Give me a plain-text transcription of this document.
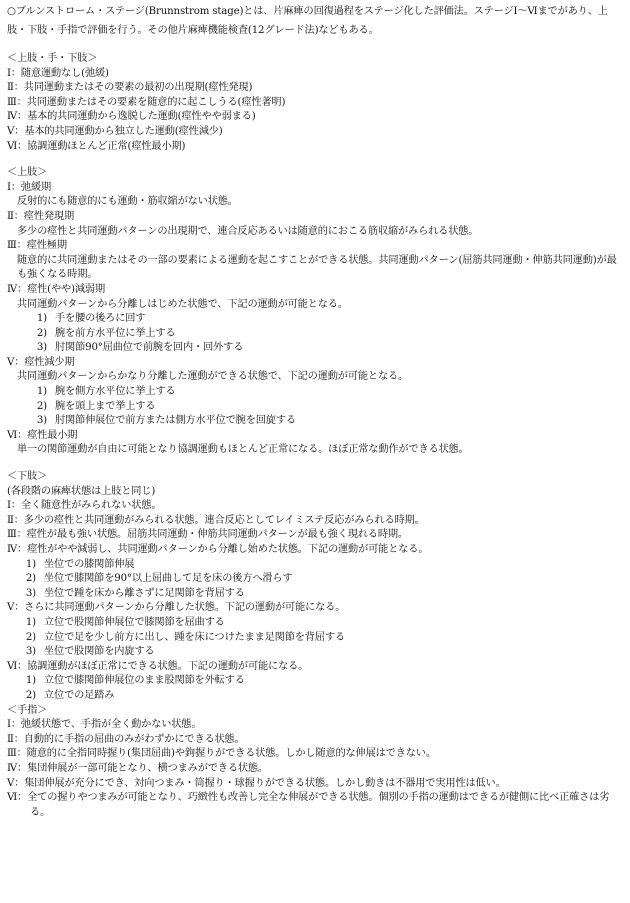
○ブルンストローム・ステージ(Brunnstrom stage)とは、片麻痺の回復過程をステージ化した評価法。ステージⅠ〜Ⅵまでがあり、上肢・下肢・手指で評価を行う。その他片麻痺機能検査(12グレード法)などもある。

＜上肢・手・下肢＞
Ⅰ：随意運動なし(弛緩)
Ⅱ：共同運動またはその要素の最初の出現期(痙性発現)
Ⅲ：共同運動またはその要素を随意的に起こしうる(痙性著明)
Ⅳ：基本的共同運動から逸脱した運動(痙性やや弱まる)
Ⅴ：基本的共同運動から独立した運動(痙性減少)
Ⅵ：協調運動ほとんど正常(痙性最小期)
＜上肢＞
Ⅰ：弛緩期
反射的にも随意的にも運動・筋収縮がない状態。
Ⅱ：痙性発現期
多少の痙性と共同運動パターンの出現期で、連合反応あるいは随意的におこる筋収縮がみられる状態。
Ⅲ：痙性極期
随意的に共同運動またはその一部の要素による運動を起こすことができる状態。共同運動パターン(屈筋共同運動・伸筋共同運動)が最も強くなる時期。
Ⅳ：痙性(やや)減弱期
共同運動パターンから分離しはじめた状態で、下記の運動が可能となる。
1) 手を腰の後ろに回す
2) 腕を前方水平位に挙上する
3) 肘関節90°屈曲位で前腕を回内・回外する
Ⅴ：痙性減少期
共同運動パターンからかなり分離した運動ができる状態で、下記の運動が可能となる。
1) 腕を側方水平位に挙上する
2) 腕を頭上まで挙上する
3) 肘関節伸展位で前方または側方水平位で腕を回旋する
Ⅵ：痙性最小期
単一の関節運動が自由に可能となり協調運動もほとんど正常になる。ほぼ正常な動作ができる状態。
＜下肢＞
(各段階の麻痺状態は上肢と同じ)
Ⅰ：全く随意性がみられない状態。
Ⅱ：多少の痙性と共同運動がみられる状態。連合反応としてレイミステ反応がみられる時期。
Ⅲ：痙性が最も強い状態。屈筋共同運動・伸筋共同運動パターンが最も強く現れる時期。
Ⅳ：痙性がやや減弱し、共同運動パターンから分離し始めた状態。下記の運動が可能となる。
1) 坐位での膝関節伸展
2) 坐位で膝関節を90°以上屈曲して足を床の後方へ滑らす
3) 坐位で踵を床から離さずに足関節を背屈する
Ⅴ：さらに共同運動パターンから分離した状態。下記の運動が可能になる。
1) 立位で股関節伸展位で膝関節を屈曲する
2) 立位で足を少し前方に出し、踵を床につけたまま足関節を背屈する
3) 坐位で股関節を内旋する
Ⅵ：協調運動がほぼ正常にできる状態。下記の運動が可能になる。
1) 立位で膝関節伸展位のまま股関節を外転する
2) 立位での足踏み
＜手指＞
Ⅰ：弛緩状態で、手指が全く動かない状態。
Ⅱ：自動的に手指の屈曲のみがわずかにできる状態。
Ⅲ：随意的に全指同時握り(集団屈曲)や鉤握りができる状態。しかし随意的な伸展はできない。
Ⅳ：集団伸展が一部可能となり、横つまみができる状態。
Ⅴ：集団伸展が充分にでき、対向つまみ・筒握り・球握りができる状態。しかし動きは不器用で実用性は低い。
Ⅵ：全ての握りやつまみが可能となり、巧緻性も改善し完全な伸展ができる状態。個別の手指の運動はできるが健側に比べ正確さは劣る。
